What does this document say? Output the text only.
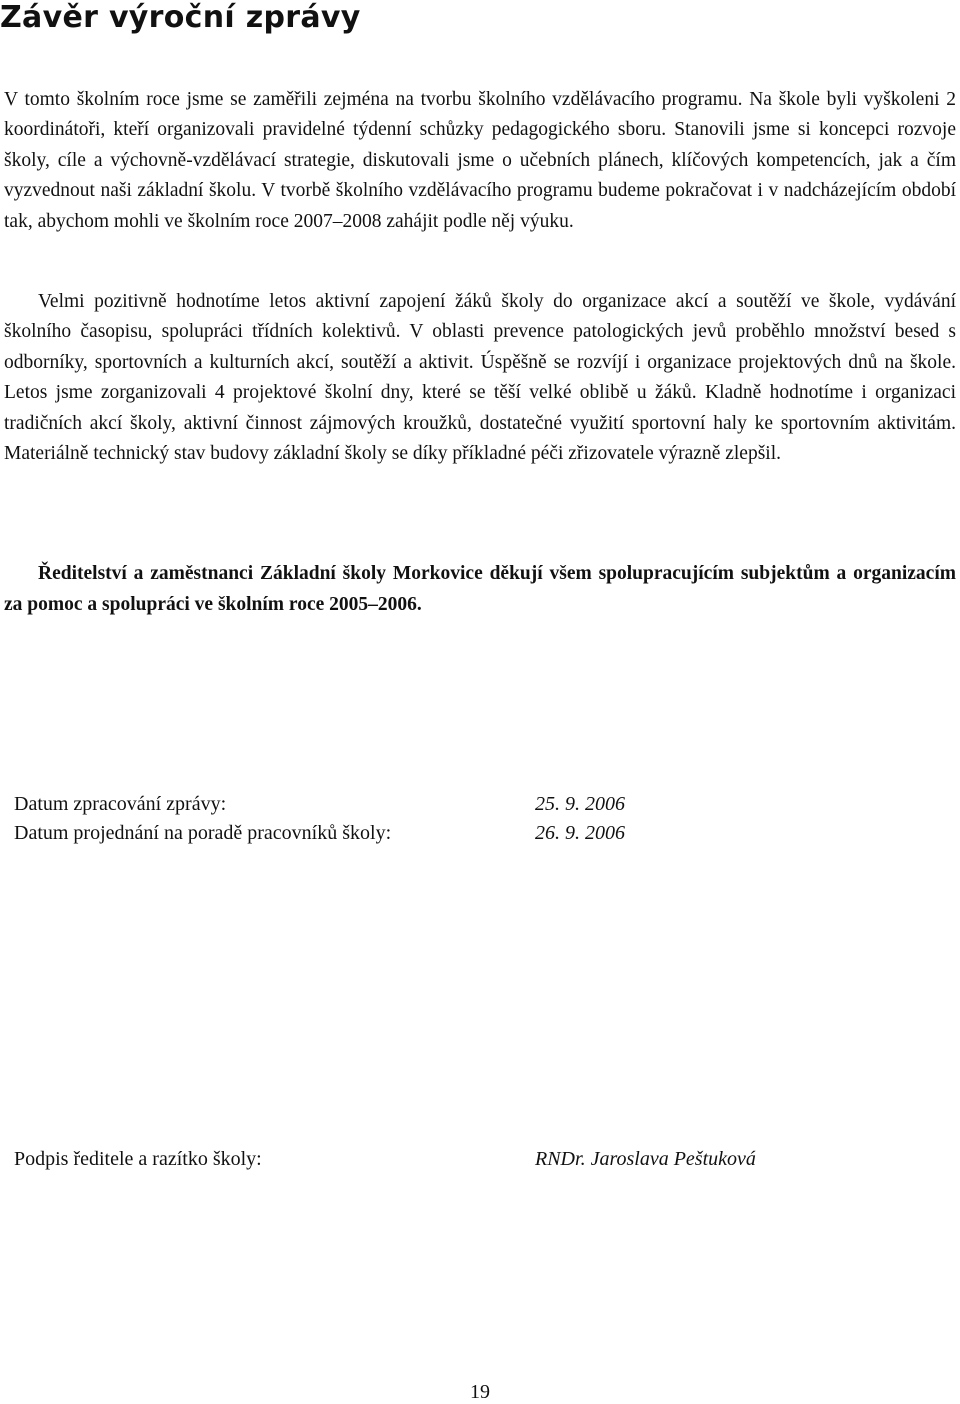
Závěr výroční zprávy

V tomto školním roce jsme se zaměřili zejména na tvorbu školního vzdělávacího programu. Na škole byli vyškoleni 2 koordinátoři, kteří organizovali pravidelné týdenní schůzky pedagogického sboru. Stanovili jsme si koncepci rozvoje školy, cíle a výchovně-vzdělávací strategie, diskutovali jsme o učebních plánech, klíčových kompetencích, jak a čím vyzvednout naši základní školu. V tvorbě školního vzdělávacího programu budeme pokračovat i v nadcházejícím období tak, abychom mohli ve školním roce 2007–2008 zahájit podle něj výuku.

Velmi pozitivně hodnotíme letos aktivní zapojení žáků školy do organizace akcí a soutěží ve škole, vydávání školního časopisu, spolupráci třídních kolektivů. V oblasti prevence patologických jevů proběhlo množství besed s odborníky, sportovních a kulturních akcí, soutěží a aktivit. Úspěšně se rozvíjí i organizace projektových dnů na škole. Letos jsme zorganizovali 4 projektové školní dny, které se těší velké oblibě u žáků. Kladně hodnotíme i organizaci tradičních akcí školy, aktivní činnost zájmových kroužků, dostatečné využití sportovní haly ke sportovním aktivitám. Materiálně technický stav budovy základní školy se díky příkladné péči zřizovatele výrazně zlepšil.

Ředitelství a zaměstnanci Základní školy Morkovice děkují všem spolupracujícím subjektům a organizacím za pomoc a spolupráci ve školním roce 2005–2006.

Datum zpracování zprávy:	25. 9. 2006
Datum projednání na poradě pracovníků školy:	26. 9. 2006
Podpis ředitele a razítko školy:	RNDr. Jaroslava Peštuková
19
